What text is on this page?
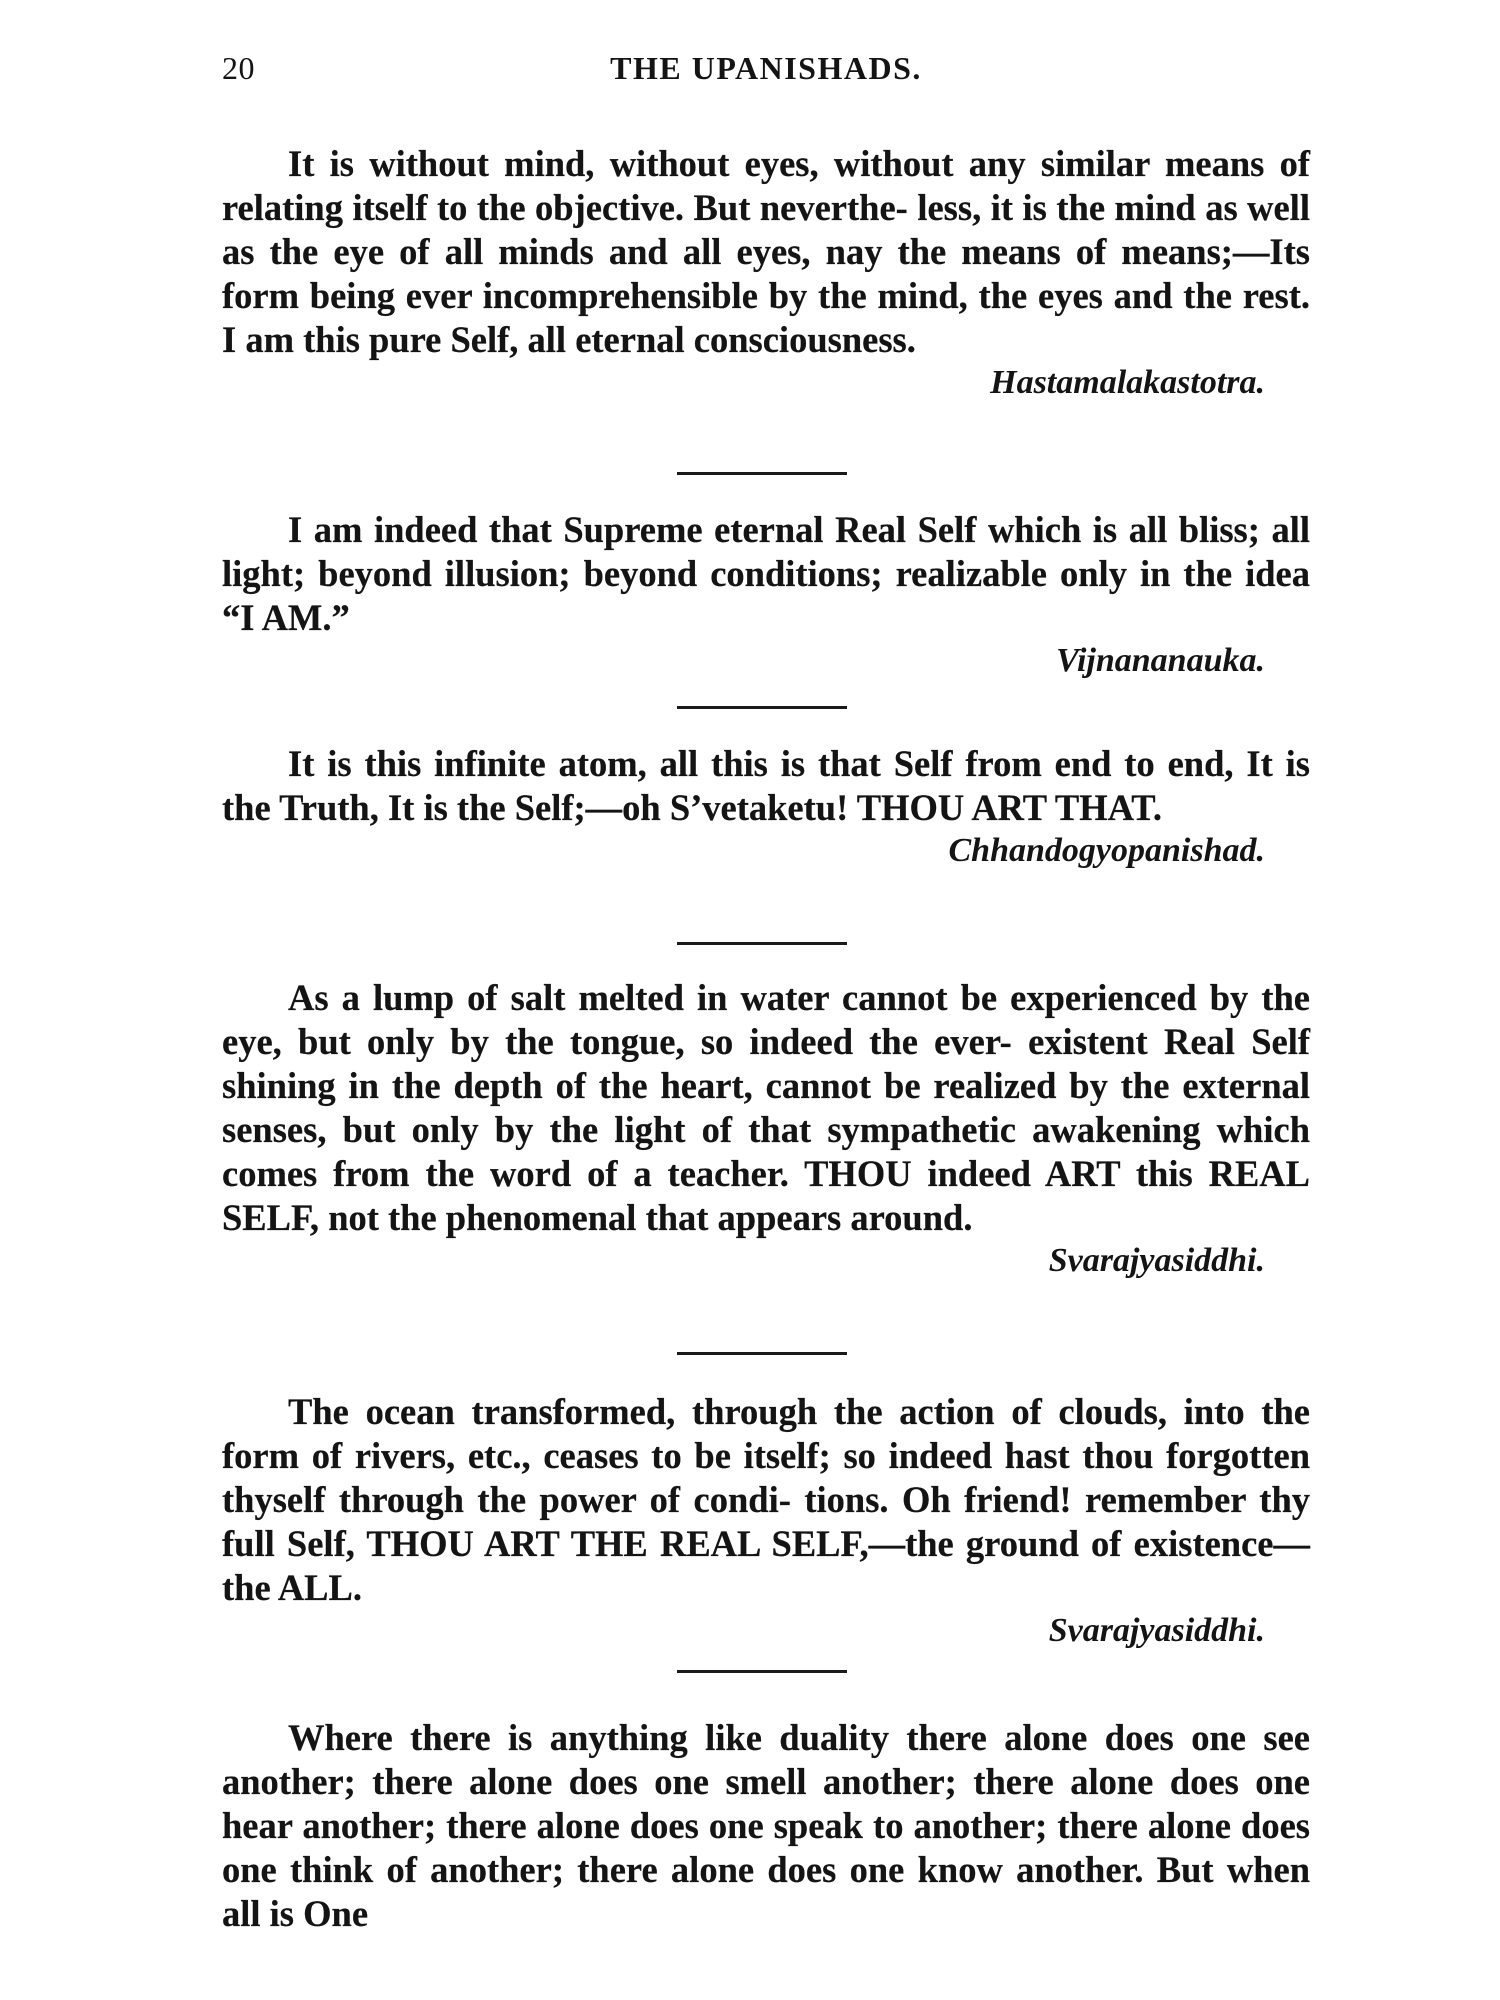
20	THE UPANISHADS.

It is without mind, without eyes, without any similar means of relating itself to the objective. But neverthe- less, it is the mind as well as the eye of all minds and all eyes, nay the means of means;—Its form being ever incomprehensible by the mind, the eyes and the rest. I am this pure Self, all eternal consciousness.

Hastamalakastotra.

I am indeed that Supreme eternal Real Self which is all bliss; all light; beyond illusion; beyond conditions; realizable only in the idea “I AM.”

Vijnananauka.

It is this infinite atom, all this is that Self from end to end, It is the Truth, It is the Self;—oh S’vetaketu! THOU ART THAT.

Chhandogyopanishad.

As a lump of salt melted in water cannot be experienced by the eye, but only by the tongue, so indeed the ever- existent Real Self shining in the depth of the heart, cannot be realized by the external senses, but only by the light of that sympathetic awakening which comes from the word of a teacher. THOU indeed ART this REAL SELF, not the phenomenal that appears around.

Svarajyasiddhi.

The ocean transformed, through the action of clouds, into the form of rivers, etc., ceases to be itself; so indeed hast thou forgotten thyself through the power of condi- tions. Oh friend! remember thy full Self, THOU ART THE REAL SELF,—the ground of existence—the ALL.

Svarajyasiddhi.

Where there is anything like duality there alone does one see another; there alone does one smell another; there alone does one hear another; there alone does one speak to another; there alone does one think of another; there alone does one know another. But when all is One
